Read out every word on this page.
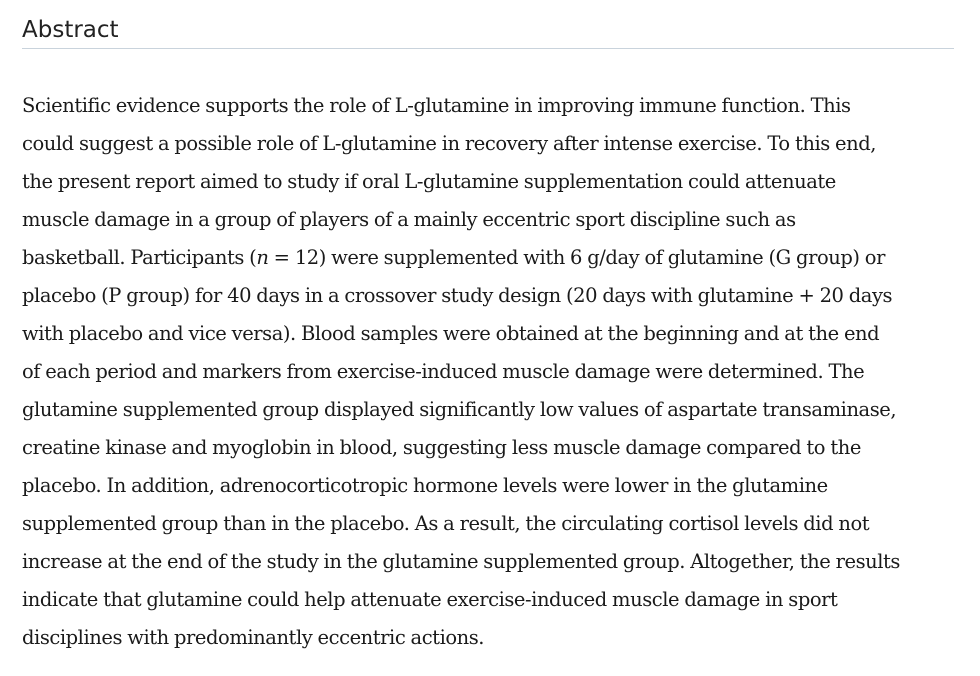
Abstract

Scientific evidence supports the role of L-glutamine in improving immune function. This
could suggest a possible role of L-glutamine in recovery after intense exercise. To this end,
the present report aimed to study if oral L-glutamine supplementation could attenuate
muscle damage in a group of players of a mainly eccentric sport discipline such as
basketball. Participants (n = 12) were supplemented with 6 g/day of glutamine (G group) or
placebo (P group) for 40 days in a crossover study design (20 days with glutamine + 20 days
with placebo and vice versa). Blood samples were obtained at the beginning and at the end
of each period and markers from exercise-induced muscle damage were determined. The
glutamine supplemented group displayed significantly low values of aspartate transaminase,
creatine kinase and myoglobin in blood, suggesting less muscle damage compared to the
placebo. In addition, adrenocorticotropic hormone levels were lower in the glutamine
supplemented group than in the placebo. As a result, the circulating cortisol levels did not
increase at the end of the study in the glutamine supplemented group. Altogether, the results
indicate that glutamine could help attenuate exercise-induced muscle damage in sport
disciplines with predominantly eccentric actions.
